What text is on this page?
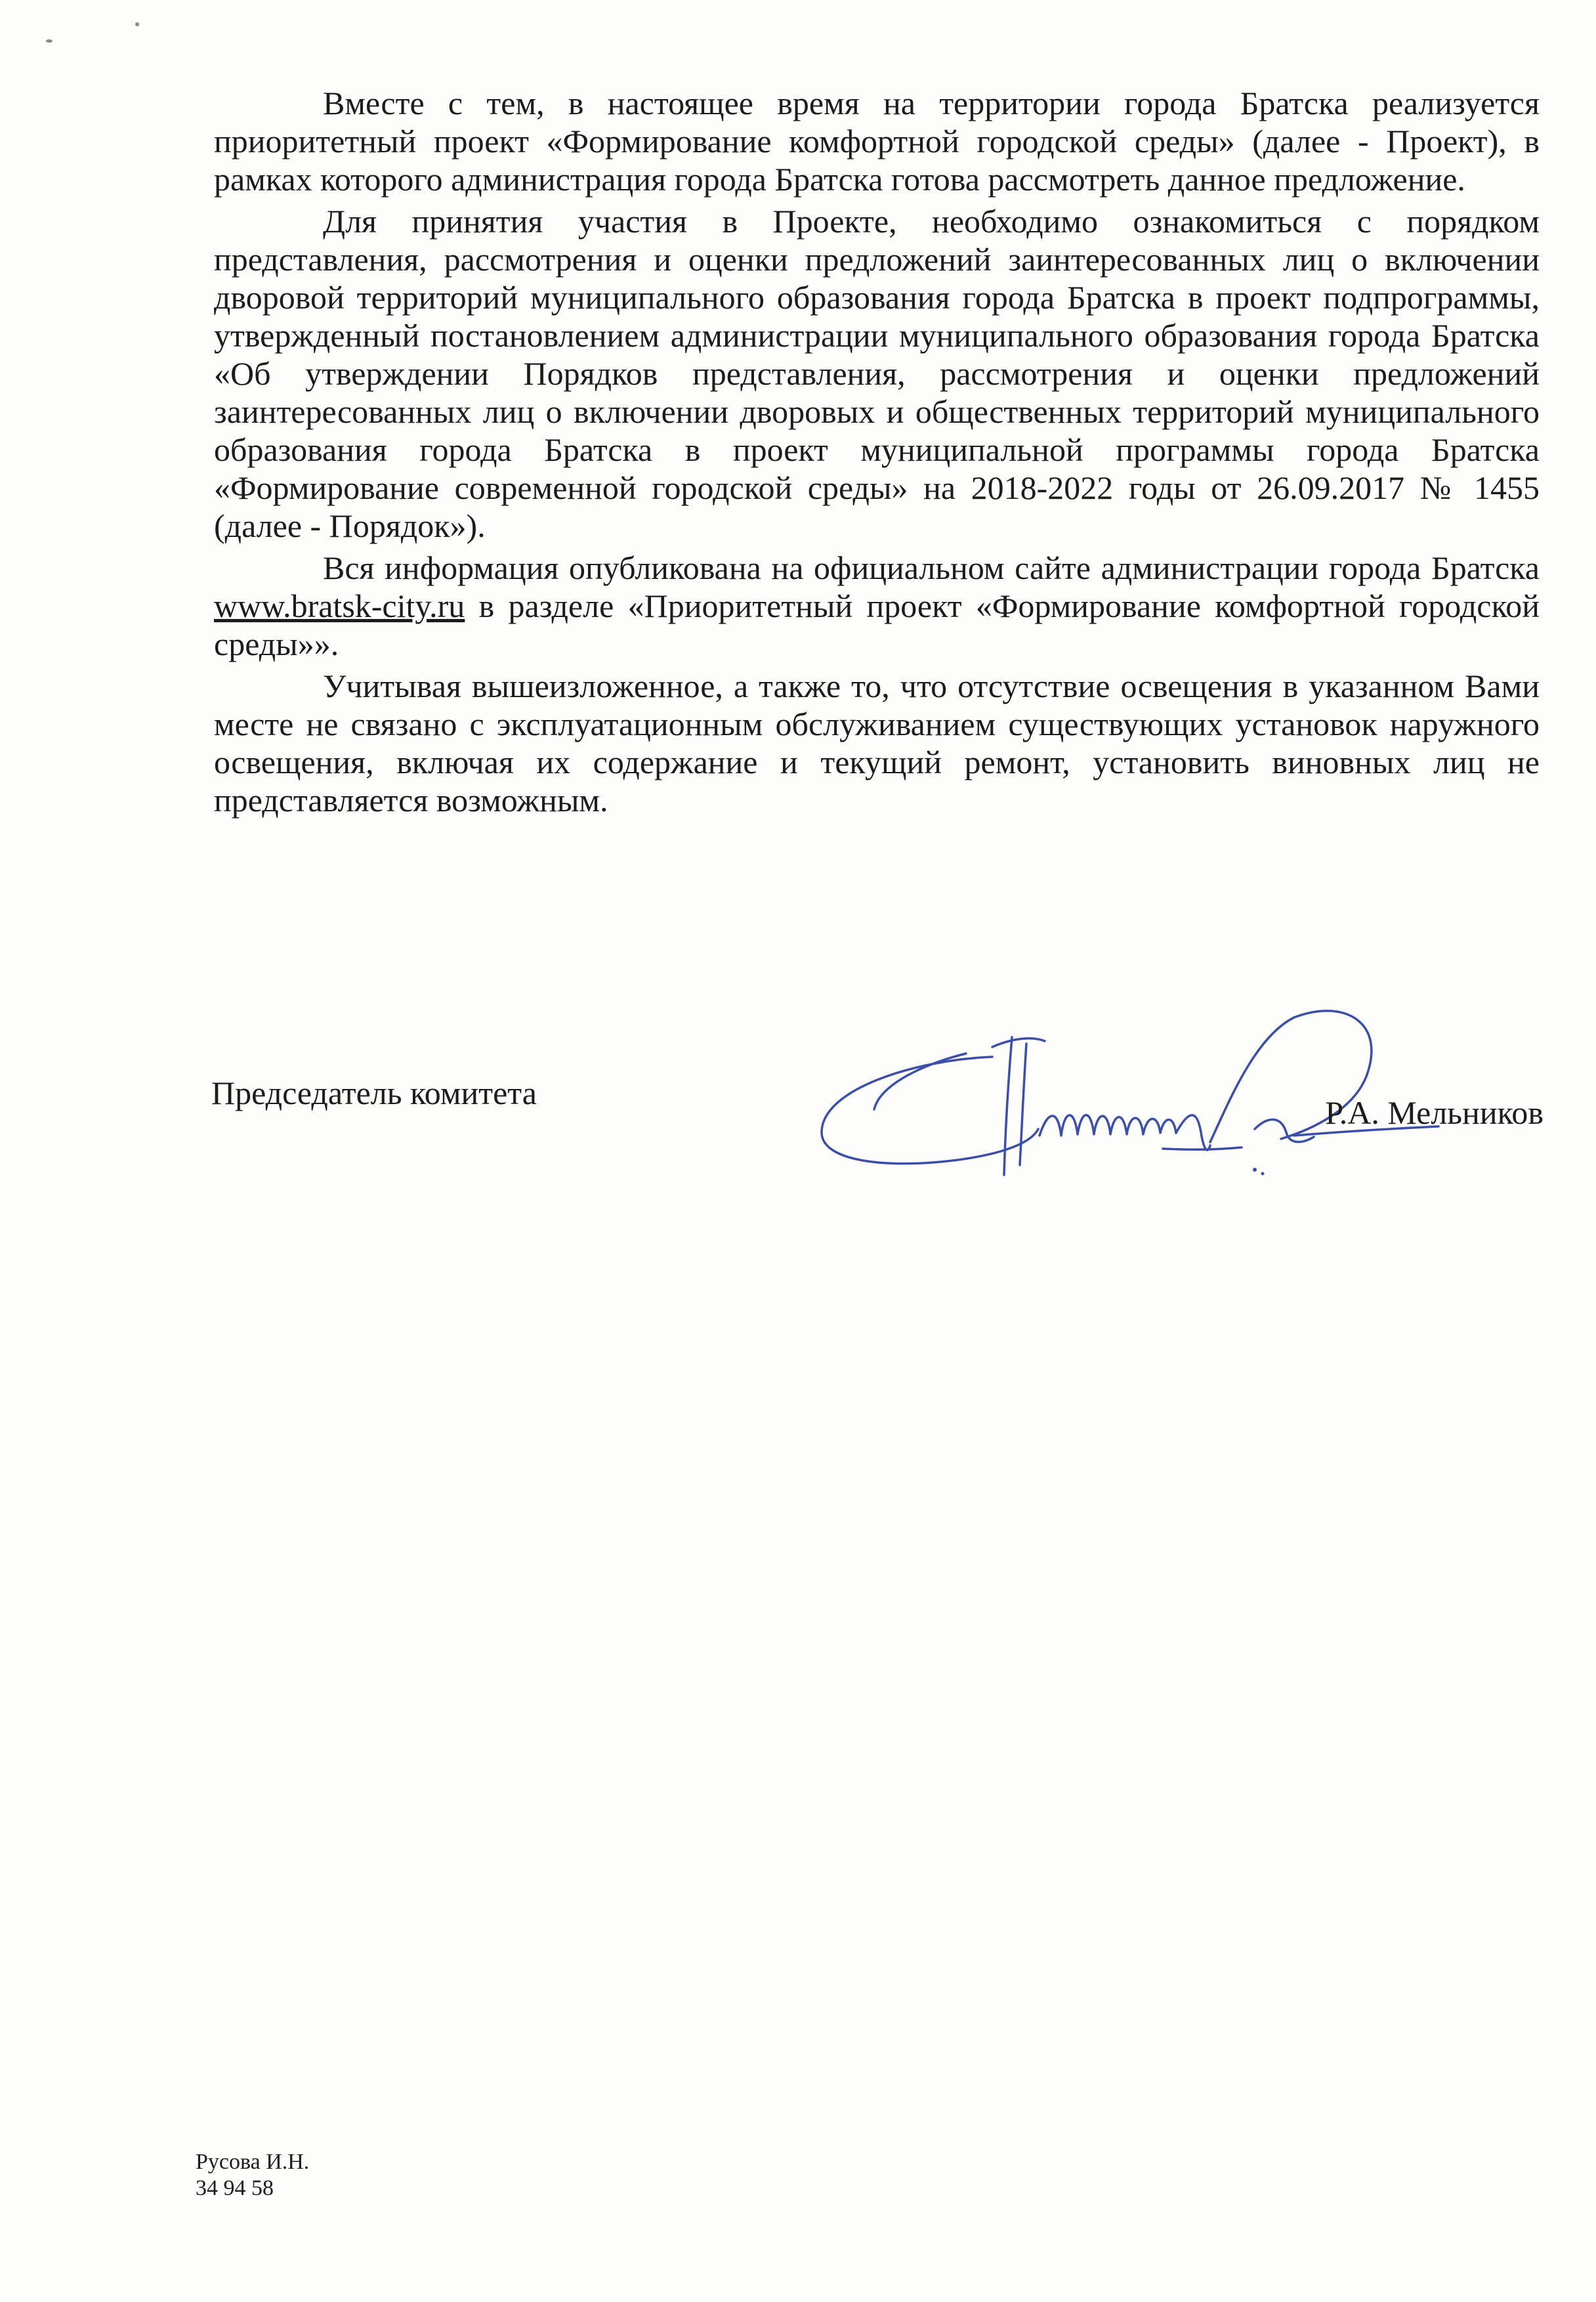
Вместе с тем, в настоящее время на территории города Братска реализуется приоритетный проект «Формирование комфортной городской среды» (далее - Проект), в рамках которого администрация города Братска готова рассмотреть данное предложение.

Для принятия участия в Проекте, необходимо ознакомиться с порядком представления, рассмотрения и оценки предложений заинтересованных лиц о включении дворовой территорий муниципального образования города Братска в проект подпрограммы, утвержденный постановлением администрации муниципального образования города Братска «Об утверждении Порядков представления, рассмотрения и оценки предложений заинтересованных лиц о включении дворовых и общественных территорий муниципального образования города Братска в проект муниципальной программы города Братска «Формирование современной городской среды» на 2018-2022 годы от 26.09.2017 № 1455 (далее - Порядок»).

Вся информация опубликована на официальном сайте администрации города Братска www.bratsk-city.ru в разделе «Приоритетный проект «Формирование комфортной городской среды»».

Учитывая вышеизложенное, а также то, что отсутствие освещения в указанном Вами месте не связано с эксплуатационным обслуживанием существующих установок наружного освещения, включая их содержание и текущий ремонт, установить виновных лиц не представляется возможным.

Председатель комитета
Р.А. Мельников
Русова И.Н.
34 94 58
